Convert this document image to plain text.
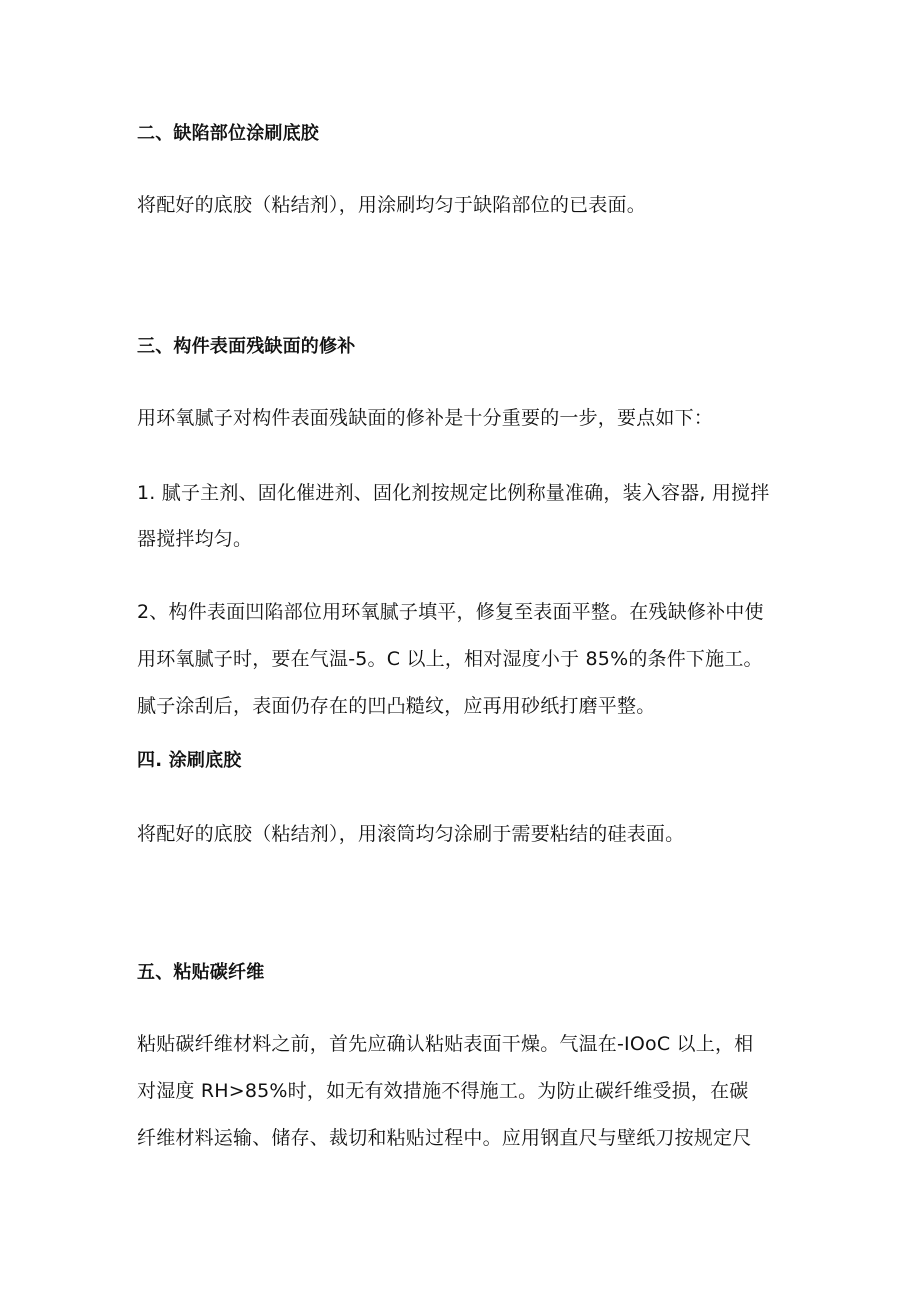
二、缺陷部位涂刷底胶
将配好的底胶（粘结剂），用涂刷均匀于缺陷部位的已表面。
三、构件表面残缺面的修补
用环氧腻子对构件表面残缺面的修补是十分重要的一步，要点如下：
1. 腻子主剂、固化催进剂、固化剂按规定比例称量准确，装入容器, 用搅拌
器搅拌均匀。
2、构件表面凹陷部位用环氧腻子填平，修复至表面平整。在残缺修补中使
用环氧腻子时，要在气温-5。C 以上，相对湿度小于 85%的条件下施工。
腻子涂刮后，表面仍存在的凹凸糙纹，应再用砂纸打磨平整。
四. 涂刷底胶
将配好的底胶（粘结剂），用滚筒均匀涂刷于需要粘结的硅表面。
五、粘贴碳纤维
粘贴碳纤维材料之前，首先应确认粘贴表面干燥。气温在-IOoC 以上，相
对湿度 RH>85%时，如无有效措施不得施工。为防止碳纤维受损，在碳
纤维材料运输、储存、裁切和粘贴过程中。应用钢直尺与壁纸刀按规定尺
